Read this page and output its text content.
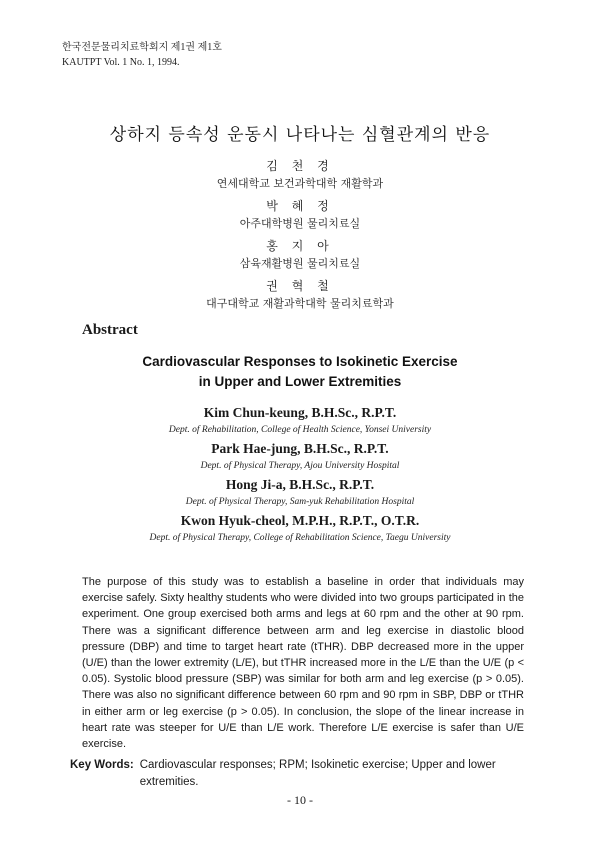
한국전문물리치료학회지 제1권 제1호
KAUTPT Vol. 1 No. 1, 1994.
상하지 등속성 운동시 나타나는 심혈관계의 반응
김 천 경
연세대학교 보건과학대학 재활학과
박 혜 정
아주대학병원 물리치료실
홍 지 아
삼육재활병원 물리치료실
권 혁 철
대구대학교 재활과학대학 물리치료학과
Abstract
Cardiovascular Responses to Isokinetic Exercise
in Upper and Lower Extremities
Kim Chun-keung, B.H.Sc., R.P.T.
Dept. of Rehabilitation, College of Health Science, Yonsei University
Park Hae-jung, B.H.Sc., R.P.T.
Dept. of Physical Therapy, Ajou University Hospital
Hong Ji-a, B.H.Sc., R.P.T.
Dept. of Physical Therapy, Sam-yuk Rehabilitation Hospital
Kwon Hyuk-cheol, M.P.H., R.P.T., O.T.R.
Dept. of Physical Therapy, College of Rehabilitation Science, Taegu University
The purpose of this study was to establish a baseline in order that individuals may exercise safely. Sixty healthy students who were divided into two groups participated in the experiment. One group exercised both arms and legs at 60 rpm and the other at 90 rpm. There was a significant difference between arm and leg exercise in diastolic blood pressure (DBP) and time to target heart rate (tTHR). DBP decreased more in the upper (U/E) than the lower extremity (L/E), but tTHR increased more in the L/E than the U/E (p < 0.05). Systolic blood pressure (SBP) was similar for both arm and leg exercise (p > 0.05). There was also no significant difference between 60 rpm and 90 rpm in SBP, DBP or tTHR in either arm or leg exercise (p > 0.05). In conclusion, the slope of the linear increase in heart rate was steeper for U/E than L/E work. Therefore L/E exercise is safer than U/E exercise.
Key Words: Cardiovascular responses; RPM; Isokinetic exercise; Upper and lower extremities.
- 10 -
